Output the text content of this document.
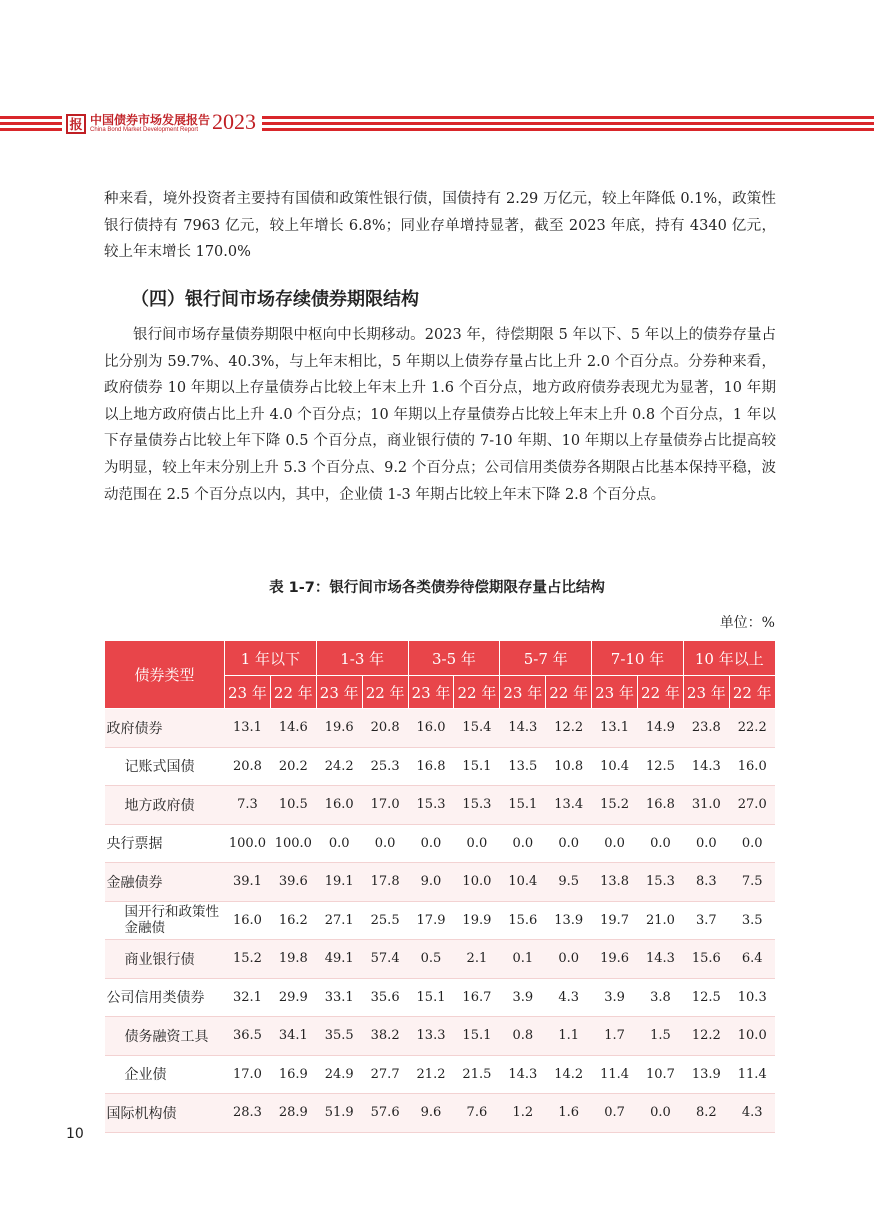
报 中国债券市场发展报告
China Bond Market Development Report 2023
种来看，境外投资者主要持有国债和政策性银行债，国债持有 2.29 万亿元，较上年降低 0.1%，政策性银行债持有 7963 亿元，较上年增长 6.8%；同业存单增持显著，截至 2023 年底，持有 4340 亿元，较上年末增长 170.0%
（四）银行间市场存续债券期限结构
银行间市场存量债券期限中枢向中长期移动。2023 年，待偿期限 5 年以下、5 年以上的债券存量占比分别为 59.7%、40.3%，与上年末相比，5 年期以上债券存量占比上升 2.0 个百分点。分券种来看，政府债券 10 年期以上存量债券占比较上年末上升 1.6 个百分点，地方政府债券表现尤为显著，10 年期以上地方政府债占比上升 4.0 个百分点；10 年期以上存量债券占比较上年末上升 0.8 个百分点，1 年以下存量债券占比较上年下降 0.5 个百分点，商业银行债的 7-10 年期、10 年期以上存量债券占比提高较为明显，较上年末分别上升 5.3 个百分点、9.2 个百分点；公司信用类债券各期限占比基本保持平稳，波动范围在 2.5 个百分点以内，其中，企业债 1-3 年期占比较上年末下降 2.8 个百分点。
表 1-7：银行间市场各类债券待偿期限存量占比结构
单位：%
债券类型	1 年以下		1-3 年		3-5 年		5-7 年		7-10 年		10 年以上	
	23 年	22 年	23 年	22 年	23 年	22 年	23 年	22 年	23 年	22 年	23 年	22 年
政府债券	13.1	14.6	19.6	20.8	16.0	15.4	14.3	12.2	13.1	14.9	23.8	22.2
记账式国债	20.8	20.2	24.2	25.3	16.8	15.1	13.5	10.8	10.4	12.5	14.3	16.0
地方政府债	7.3	10.5	16.0	17.0	15.3	15.3	15.1	13.4	15.2	16.8	31.0	27.0
央行票据	100.0	100.0	0.0	0.0	0.0	0.0	0.0	0.0	0.0	0.0	0.0	0.0
金融债券	39.1	39.6	19.1	17.8	9.0	10.0	10.4	9.5	13.8	15.3	8.3	7.5
国开行和政策性金融债	16.0	16.2	27.1	25.5	17.9	19.9	15.6	13.9	19.7	21.0	3.7	3.5
商业银行债	15.2	19.8	49.1	57.4	0.5	2.1	0.1	0.0	19.6	14.3	15.6	6.4
公司信用类债券	32.1	29.9	33.1	35.6	15.1	16.7	3.9	4.3	3.9	3.8	12.5	10.3
债务融资工具	36.5	34.1	35.5	38.2	13.3	15.1	0.8	1.1	1.7	1.5	12.2	10.0
企业债	17.0	16.9	24.9	27.7	21.2	21.5	14.3	14.2	11.4	10.7	13.9	11.4
国际机构债	28.3	28.9	51.9	57.6	9.6	7.6	1.2	1.6	0.7	0.0	8.2	4.3
10
